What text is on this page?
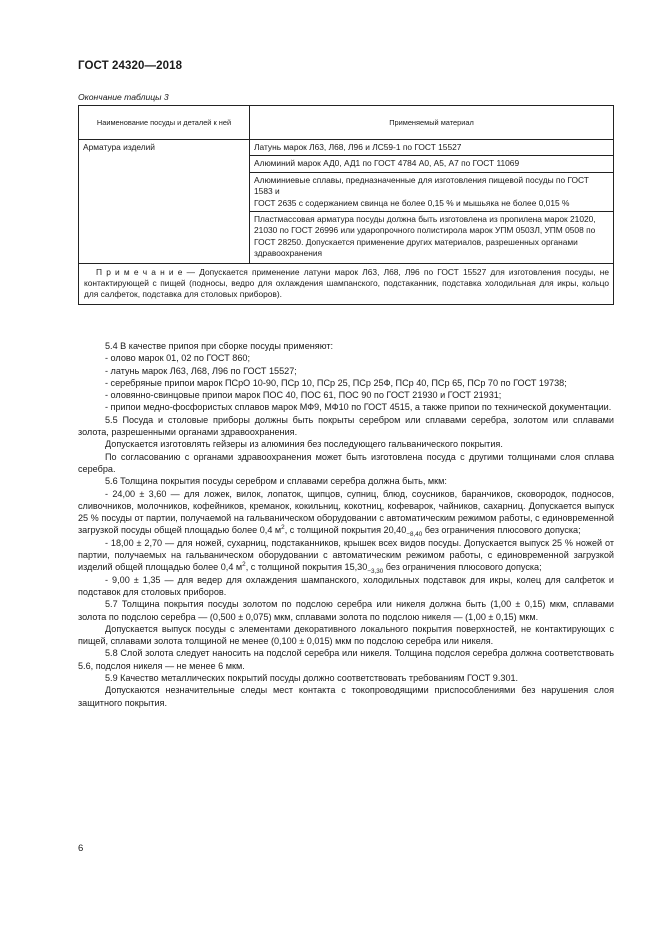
ГОСТ 24320—2018
Окончание таблицы 3
Наименование посуды и деталей к ней	Применяемый материал
Арматура изделий	Латунь марок Л63, Л68, Л96 и ЛС59-1 по ГОСТ 15527
	Алюминий марок АД0, АД1 по ГОСТ 4784 А0, А5, А7 по ГОСТ 11069

	Алюминиевые сплавы, предназначенные для изготовления пищевой посуды по ГОСТ 1583 и
ГОСТ 2635 с содержанием свинца не более 0,15 % и мышьяка не более 0,015 %

	Пластмассовая арматура посуды должна быть изготовлена из пропилена марок 21020, 21030 по ГОСТ 26996 или ударопрочного полистирола марок УПМ 0503Л, УПМ 0508 по ГОСТ 28250. Допускается применение других материалов, разрешенных органами здравоохранения
П р и м е ч а н и е — Допускается применение латуни марок Л63, Л68, Л96 по ГОСТ 15527 для изготовления посуды, не контактирующей с пищей (подносы, ведро для охлаждения шампанского, подстаканник, подставка холодильная для икры, кольцо для салфеток, подставка для столовых приборов).	

5.4 В качестве припоя при сборке посуды применяют:

- олово марок 01, 02 по ГОСТ 860;

- латунь марок Л63, Л68, Л96 по ГОСТ 15527;

- серебряные припои марок ПСрО 10-90, ПСр 10, ПСр 25, ПСр 25Ф, ПСр 40, ПСр 65, ПСр 70 по ГОСТ 19738;

- оловянно-свинцовые припои марок ПОС 40, ПОС 61, ПОС 90 по ГОСТ 21930 и ГОСТ 21931;

- припои медно-фосфористых сплавов марок МФ9, МФ10 по ГОСТ 4515, а также припои по технической документации.

5.5 Посуда и столовые приборы должны быть покрыты серебром или сплавами серебра, золотом или сплавами золота, разрешенными органами здравоохранения.

Допускается изготовлять гейзеры из алюминия без последующего гальванического покрытия.

По согласованию с органами здравоохранения может быть изготовлена посуда с другими толщинами слоя сплава серебра.

5.6 Толщина покрытия посуды серебром и сплавами серебра должна быть, мкм:

- 24,00 ± 3,60 — для ложек, вилок, лопаток, щипцов, супниц, блюд, соусников, баранчиков, сковородок, подносов, сливочников, молочников, кофейников, креманок, кокильниц, кокотниц, кофеварок, чайников, сахарниц. Допускается выпуск 25 % посуды от партии, получаемой на гальваническом оборудовании с автоматическим режимом работы, с единовременной загрузкой посуды общей площадью более 0,4 $м^2$, с толщиной покрытия $20,40_{-8,40}$ без ограничения плюсового допуска;

- 18,00 ± 2,70 — для ножей, сухарниц, подстаканников, крышек всех видов посуды. Допускается выпуск 25 % ножей от партии, получаемых на гальваническом оборудовании с автоматическим режимом работы, с единовременной загрузкой изделий общей площадью более 0,4 $м^2$, с толщиной покрытия $15,30_{-3,30}$ без ограничения плюсового допуска;

- 9,00 ± 1,35 — для ведер для охлаждения шампанского, холодильных подставок для икры, колец для салфеток и подставок для столовых приборов.

5.7 Толщина покрытия посуды золотом по подслою серебра или никеля должна быть (1,00 ± 0,15) мкм, сплавами золота по подслою серебра — (0,500 ± 0,075) мкм, сплавами золота по подслою никеля — (1,00 ± 0,15) мкм.

Допускается выпуск посуды с элементами декоративного локального покрытия поверхностей, не контактирующих с пищей, сплавами золота толщиной не менее (0,100 ± 0,015) мкм по подслою серебра или никеля.

5.8 Слой золота следует наносить на подслой серебра или никеля. Толщина подслоя серебра должна соответствовать 5.6, подслоя никеля — не менее 6 мкм.

5.9 Качество металлических покрытий посуды должно соответствовать требованиям ГОСТ 9.301.

Допускаются незначительные следы мест контакта с токопроводящими приспособлениями без нарушения слоя защитного покрытия.

6
